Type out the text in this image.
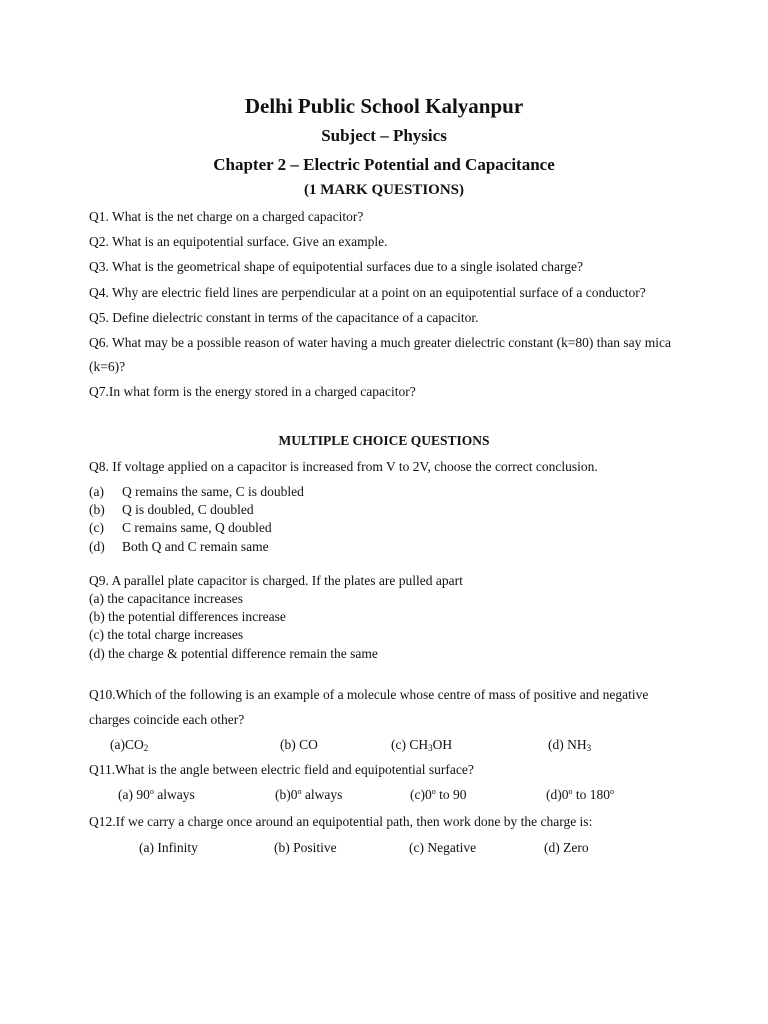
Delhi Public School Kalyanpur
Subject – Physics
Chapter 2 – Electric Potential and Capacitance
(1 MARK QUESTIONS)
Q1. What is the net charge on a charged capacitor?
Q2. What is an equipotential surface. Give an example.
Q3. What is the geometrical shape of equipotential surfaces due to a single isolated charge?
Q4. Why are electric field lines are perpendicular at a point on an equipotential surface of a conductor?
Q5. Define dielectric constant in terms of the capacitance of a capacitor.
Q6. What may be a possible reason of water having a much greater dielectric constant (k=80) than say mica
(k=6)?
Q7.In what form is the energy stored in a charged capacitor?
MULTIPLE CHOICE QUESTIONS
Q8. If voltage applied on a capacitor is increased from V to 2V, choose the correct conclusion.
(a) Q remains the same, C is doubled
(b) Q is doubled, C doubled
(c) C remains same, Q doubled
(d) Both Q and C remain same
Q9. A parallel plate capacitor is charged. If the plates are pulled apart
(a) the capacitance increases
(b) the potential differences increase
(c) the total charge increases
(d) the charge & potential difference remain the same
Q10.Which of the following is an example of a molecule whose centre of mass of positive and negative
charges coincide each other?
$(a)CO_2$	(b) CO	(c) $CH_3OH$	(d) $NH_3$
Q11.What is the angle between electric field and equipotential surface?
(a) 90$^o$ always	(b)0$^o$ always	(c)0$^o$ to 90	(d)0$^o$ to 180$^o$
Q12.If we carry a charge once around an equipotential path, then work done by the charge is:
(a) Infinity	(b) Positive	(c) Negative	(d) Zero
